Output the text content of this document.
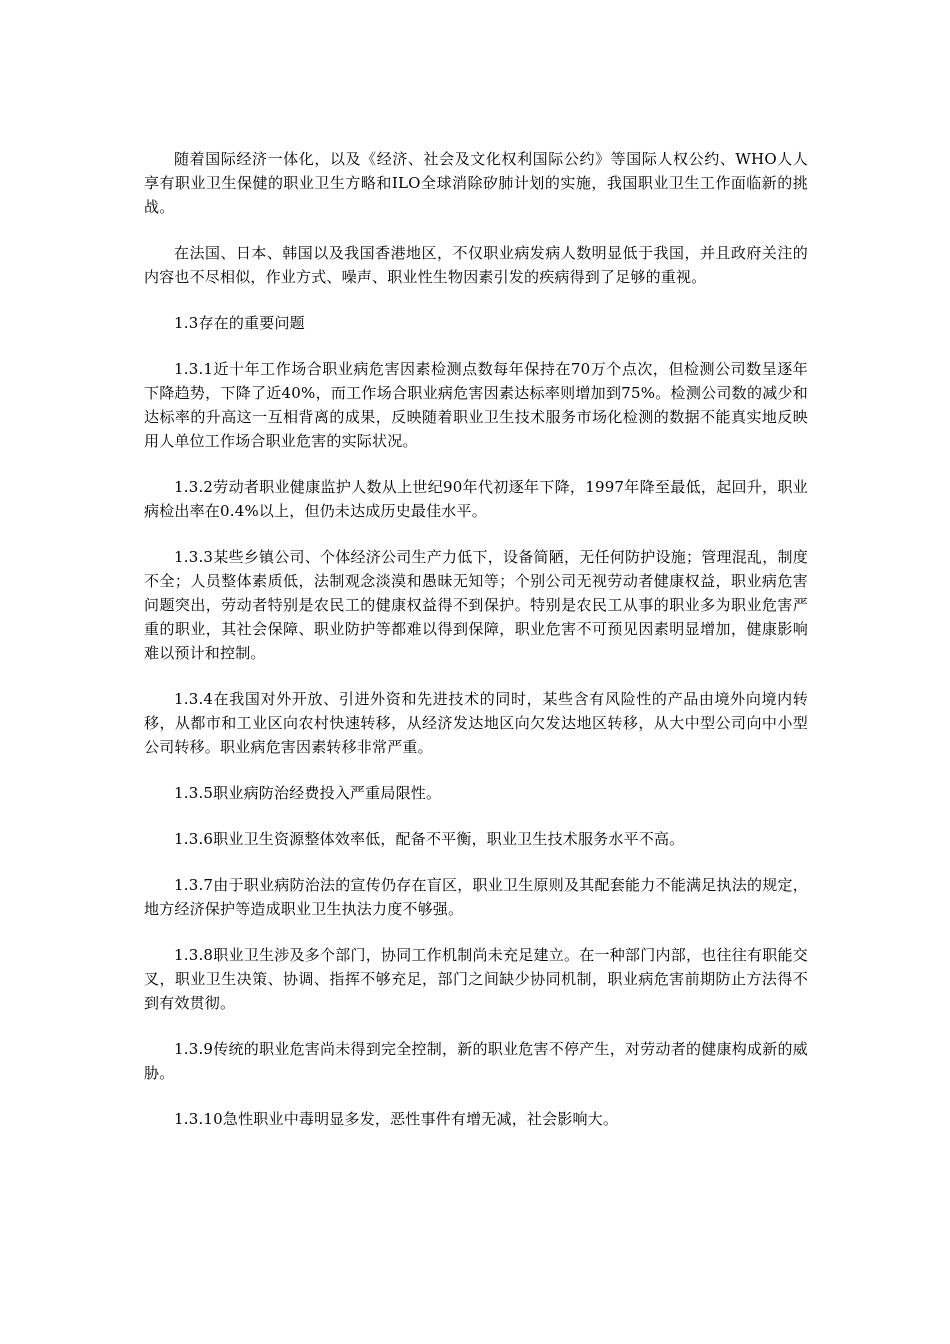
随着国际经济一体化，以及《经济、社会及文化权利国际公约》等国际人权公约、WHO人人享有职业卫生保健的职业卫生方略和ILO全球消除矽肺计划的实施，我国职业卫生工作面临新的挑战。

在法国、日本、韩国以及我国香港地区，不仅职业病发病人数明显低于我国，并且政府关注的内容也不尽相似，作业方式、噪声、职业性生物因素引发的疾病得到了足够的重视。

1.3存在的重要问题

1.3.1近十年工作场合职业病危害因素检测点数每年保持在70万个点次，但检测公司数呈逐年下降趋势，下降了近40%，而工作场合职业病危害因素达标率则增加到75%。检测公司数的减少和达标率的升高这一互相背离的成果，反映随着职业卫生技术服务市场化检测的数据不能真实地反映用人单位工作场合职业危害的实际状况。

1.3.2劳动者职业健康监护人数从上世纪90年代初逐年下降，1997年降至最低，起回升，职业病检出率在0.4%以上，但仍未达成历史最佳水平。

1.3.3某些乡镇公司、个体经济公司生产力低下，设备简陋，无任何防护设施；管理混乱，制度不全；人员整体素质低，法制观念淡漠和愚昧无知等；个别公司无视劳动者健康权益，职业病危害问题突出，劳动者特别是农民工的健康权益得不到保护。特别是农民工从事的职业多为职业危害严重的职业，其社会保障、职业防护等都难以得到保障，职业危害不可预见因素明显增加，健康影响难以预计和控制。

1.3.4在我国对外开放、引进外资和先进技术的同时，某些含有风险性的产品由境外向境内转移，从都市和工业区向农村快速转移，从经济发达地区向欠发达地区转移，从大中型公司向中小型公司转移。职业病危害因素转移非常严重。

1.3.5职业病防治经费投入严重局限性。

1.3.6职业卫生资源整体效率低，配备不平衡，职业卫生技术服务水平不高。

1.3.7由于职业病防治法的宣传仍存在盲区，职业卫生原则及其配套能力不能满足执法的规定，地方经济保护等造成职业卫生执法力度不够强。

1.3.8职业卫生涉及多个部门，协同工作机制尚未充足建立。在一种部门内部，也往往有职能交叉，职业卫生决策、协调、指挥不够充足，部门之间缺少协同机制，职业病危害前期防止方法得不到有效贯彻。

1.3.9传统的职业危害尚未得到完全控制，新的职业危害不停产生，对劳动者的健康构成新的威胁。

1.3.10急性职业中毒明显多发，恶性事件有增无减，社会影响大。
